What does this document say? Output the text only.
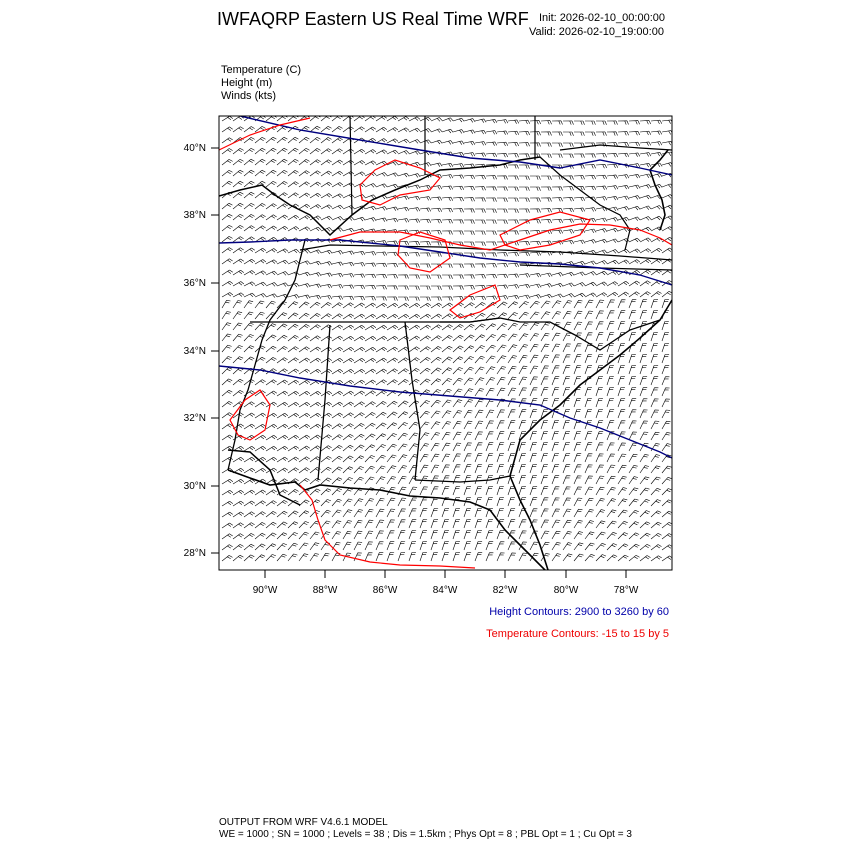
IWFAQRP Eastern US Real Time WRF Init: 2026-02-10_00:00:00
Valid: 2026-02-10_19:00:00
Temperature (C)
Height (m)
Winds (kts)
40°N
38°N
36°N
34°N
32°N
30°N
28°N
90°W	88°W	86°W	84°W	82°W	80°W	78°W
Height Contours: 2900 to 3260 by 60
Temperature Contours: -15 to 15 by 5
OUTPUT FROM WRF V4.6.1 MODEL
WE = 1000 ; SN = 1000 ; Levels = 38 ; Dis = 1.5km ; Phys Opt = 8 ; PBL Opt = 1 ; Cu Opt = 3
